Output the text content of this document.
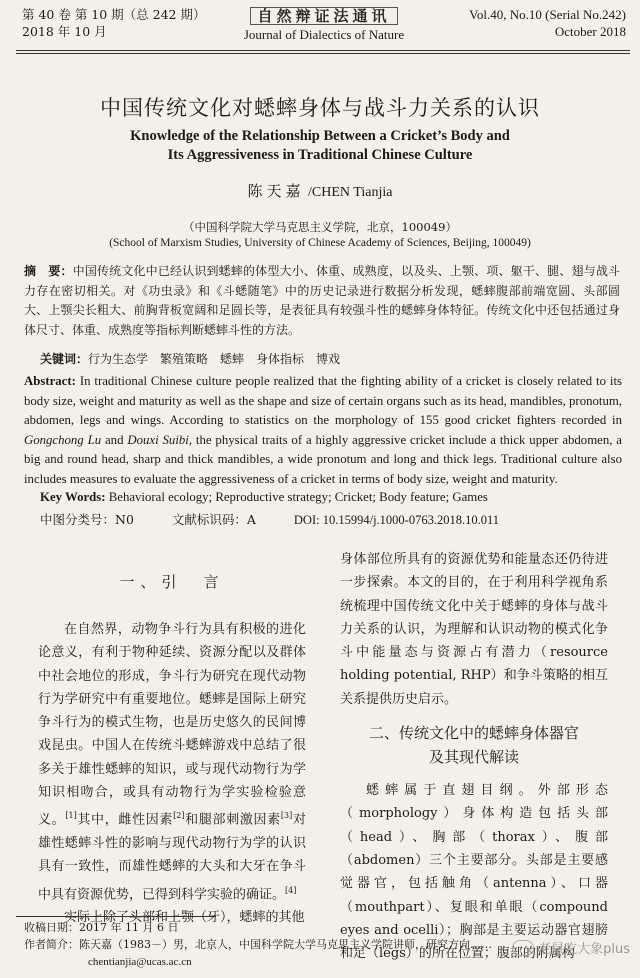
第 40 卷 第 10 期（总 242 期）
2018 年 10 月
自然辩证法通讯
Journal of Dialectics of Nature
Vol.40, No.10 (Serial No.242)
October 2018
中国传统文化对蟋蟀身体与战斗力关系的认识
Knowledge of the Relationship Between a Cricket’s Body and
Its Aggressiveness in Traditional Chinese Culture
陈天嘉 /CHEN Tianjia
（中国科学院大学马克思主义学院，北京，100049）
(School of Marxism Studies, University of Chinese Academy of Sciences, Beijing, 100049)
摘　要：中国传统文化中已经认识到蟋蟀的体型大小、体重、成熟度，以及头、上颚、项、躯干、腿、翅与战斗力存在密切相关。对《功虫录》和《斗蟋随笔》中的历史记录进行数据分析发现，蟋蟀腹部前端宽圆、头部圆大、上颚尖长粗大、前胸背板宽阔和足圆长等，是表征具有较强斗性的蟋蟀身体特征。传统文化中还包括通过身体尺寸、体重、成熟度等指标判断蟋蟀斗性的方法。
关键词：行为生态学　繁殖策略　蟋蟀　身体指标　博戏
Abstract: In traditional Chinese culture people realized that the fighting ability of a cricket is closely related to its body size, weight and maturity as well as the shape and size of certain organs such as its head, mandibles, pronotum, abdomen, legs and wings. According to statistics on the morphology of 155 good cricket fighters recorded in Gongchong Lu and Douxi Suibi, the physical traits of a highly aggressive cricket include a thick upper abdomen, a big and round head, sharp and thick mandibles, a wide pronotum and long and thick legs. Traditional culture also includes measures to evaluate the aggressiveness of a cricket in terms of body size, weight and maturity.
Key Words: Behavioral ecology; Reproductive strategy; Cricket; Body feature; Games
中图分类号：N0	文献标识码：A	DOI: 10.15994/j.1000-0763.2018.10.011
一、引　言

在自然界，动物争斗行为具有积极的进化论意义，有利于物种延续、资源分配以及群体中社会地位的形成，争斗行为研究在现代动物行为学研究中有重要地位。蟋蟀是国际上研究争斗行为的模式生物，也是历史悠久的民间博戏昆虫。中国人在传统斗蟋蟀游戏中总结了很多关于雄性蟋蟀的知识，或与现代动物行为学知识相吻合，或具有动物行为学实验检验意义。[1]其中，雌性因素[2]和腿部刺激因素[3]对雄性蟋蟀斗性的影响与现代动物行为学的认识具有一致性，而雄性蟋蟀的大头和大牙在争斗中具有资源优势，已得到科学实验的确证。[4]

实际上除了头部和上颚（牙），蟋蟀的其他

身体部位所具有的资源优势和能量态还仍待进一步探索。本文的目的，在于利用科学视角系统梳理中国传统文化中关于蟋蟀的身体与战斗力关系的认识，为理解和认识动物的模式化争斗中能量态与资源占有潜力（resource holding potential, RHP）和争斗策略的相互关系提供历史启示。

二、传统文化中的蟋蟀身体器官
及其现代解读

蟋蟀属于直翅目纲。外部形态（morphology）身体构造包括头部（head）、胸部（thorax）、腹部（abdomen）三个主要部分。头部是主要感觉器官，包括触角（antenna）、口器（mouthpart）、复眼和单眼（compound eyes and ocelli）；胸部是主要运动器官翅膀和足（legs）的所在位置；腹部的附属构

收稿日期：2017 年 11 月 6 日
作者简介：陈天嘉（1983－）男，北京人，中国科学院大学马克思主义学院讲师，研究方向……
chentianjia@ucas.ac.cn
老鼠吃大象plus
